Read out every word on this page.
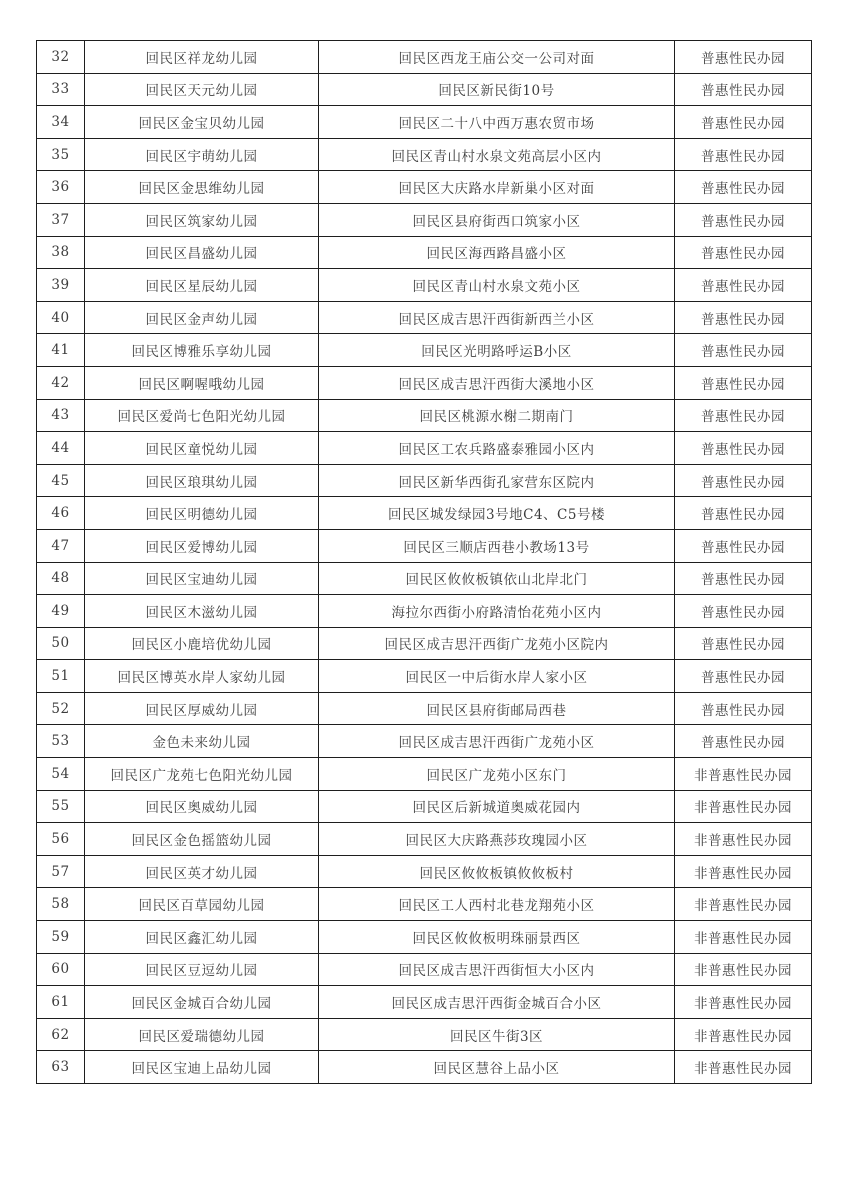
32	回民区祥龙幼儿园	回民区西龙王庙公交一公司对面	普惠性民办园
33	回民区天元幼儿园	回民区新民街10号	普惠性民办园
34	回民区金宝贝幼儿园	回民区二十八中西万惠农贸市场	普惠性民办园
35	回民区宇萌幼儿园	回民区青山村水泉文苑高层小区内	普惠性民办园
36	回民区金思维幼儿园	回民区大庆路水岸新巢小区对面	普惠性民办园
37	回民区筑家幼儿园	回民区县府街西口筑家小区	普惠性民办园
38	回民区昌盛幼儿园	回民区海西路昌盛小区	普惠性民办园
39	回民区星辰幼儿园	回民区青山村水泉文苑小区	普惠性民办园
40	回民区金声幼儿园	回民区成吉思汗西街新西兰小区	普惠性民办园
41	回民区博雅乐享幼儿园	回民区光明路呼运B小区	普惠性民办园
42	回民区啊喔哦幼儿园	回民区成吉思汗西街大溪地小区	普惠性民办园
43	回民区爱尚七色阳光幼儿园	回民区桃源水榭二期南门	普惠性民办园
44	回民区童悦幼儿园	回民区工农兵路盛泰雅园小区内	普惠性民办园
45	回民区琅琪幼儿园	回民区新华西街孔家营东区院内	普惠性民办园
46	回民区明德幼儿园	回民区城发绿园3号地C4、C5号楼	普惠性民办园
47	回民区爱博幼儿园	回民区三顺店西巷小教场13号	普惠性民办园
48	回民区宝迪幼儿园	回民区攸攸板镇依山北岸北门	普惠性民办园
49	回民区木滋幼儿园	海拉尔西街小府路清怡花苑小区内	普惠性民办园
50	回民区小鹿培优幼儿园	回民区成吉思汗西街广龙苑小区院内	普惠性民办园
51	回民区博英水岸人家幼儿园	回民区一中后街水岸人家小区	普惠性民办园
52	回民区厚威幼儿园	回民区县府街邮局西巷	普惠性民办园
53	金色未来幼儿园	回民区成吉思汗西街广龙苑小区	普惠性民办园
54	回民区广龙苑七色阳光幼儿园	回民区广龙苑小区东门	非普惠性民办园
55	回民区奥威幼儿园	回民区后新城道奥威花园内	非普惠性民办园
56	回民区金色摇篮幼儿园	回民区大庆路燕莎玫瑰园小区	非普惠性民办园
57	回民区英才幼儿园	回民区攸攸板镇攸攸板村	非普惠性民办园
58	回民区百草园幼儿园	回民区工人西村北巷龙翔苑小区	非普惠性民办园
59	回民区鑫汇幼儿园	回民区攸攸板明珠丽景西区	非普惠性民办园
60	回民区豆逗幼儿园	回民区成吉思汗西街恒大小区内	非普惠性民办园
61	回民区金城百合幼儿园	回民区成吉思汗西街金城百合小区	非普惠性民办园
62	回民区爱瑞德幼儿园	回民区牛街3区	非普惠性民办园
63	回民区宝迪上品幼儿园	回民区慧谷上品小区	非普惠性民办园
